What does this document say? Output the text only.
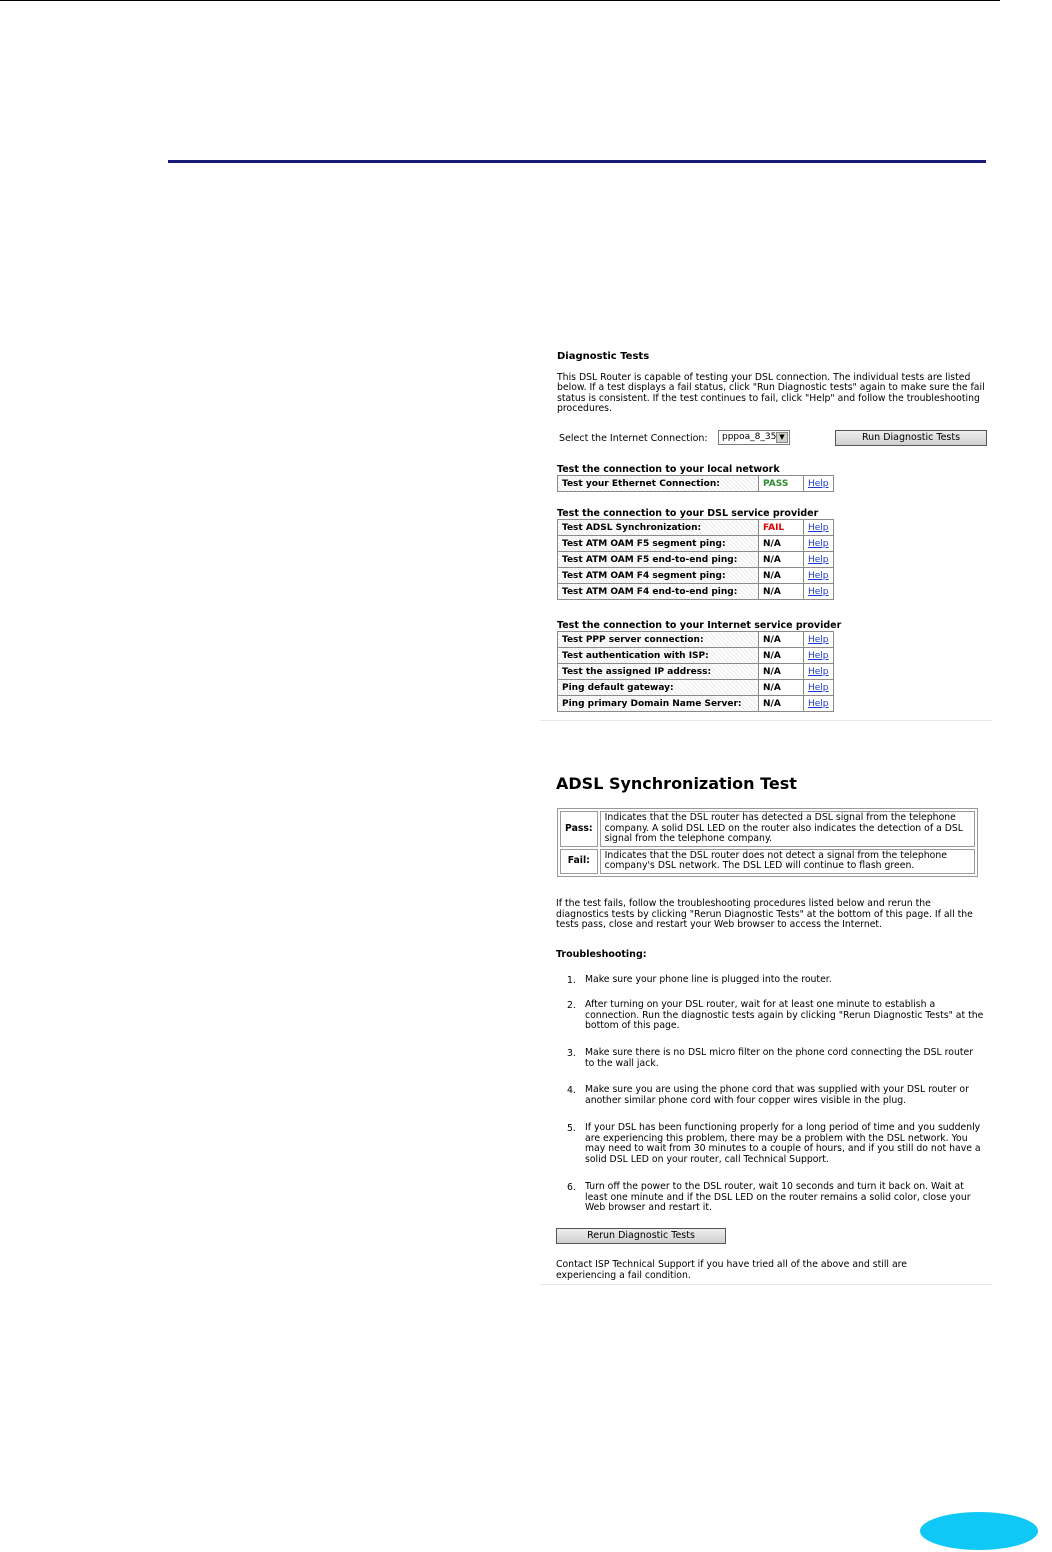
Diagnostic Tests
This DSL Router is capable of testing your DSL connection. The individual tests are listed below. If a test displays a fail status, click "Run Diagnostic tests" again to make sure the fail status is consistent. If the test continues to fail, click "Help" and follow the troubleshooting procedures.
Select the Internet Connection: pppoa_8_35 ▼	Run Diagnostic Tests
Test the connection to your local network
Test your Ethernet Connection:	PASS	Help
Test the connection to your DSL service provider
Test ADSL Synchronization:	FAIL	Help
Test ATM OAM F5 segment ping:	N/A	Help
Test ATM OAM F5 end-to-end ping:	N/A	Help
Test ATM OAM F4 segment ping:	N/A	Help
Test ATM OAM F4 end-to-end ping:	N/A	Help
Test the connection to your Internet service provider
Test PPP server connection:	N/A	Help
Test authentication with ISP:	N/A	Help
Test the assigned IP address:	N/A	Help
Ping default gateway:	N/A	Help
Ping primary Domain Name Server:	N/A	Help
ADSL Synchronization Test
Pass:	Indicates that the DSL router has detected a DSL signal from the telephone company. A solid DSL LED on the router also indicates the detection of a DSL signal from the telephone company.
Fail:	Indicates that the DSL router does not detect a signal from the telephone company's DSL network. The DSL LED will continue to flash green.
If the test fails, follow the troubleshooting procedures listed below and rerun the diagnostics tests by clicking "Rerun Diagnostic Tests" at the bottom of this page. If all the tests pass, close and restart your Web browser to access the Internet.
Troubleshooting:
1. Make sure your phone line is plugged into the router.
2. After turning on your DSL router, wait for at least one minute to establish a connection. Run the diagnostic tests again by clicking "Rerun Diagnostic Tests" at the bottom of this page.
3. Make sure there is no DSL micro filter on the phone cord connecting the DSL router to the wall jack.
4. Make sure you are using the phone cord that was supplied with your DSL router or another similar phone cord with four copper wires visible in the plug.
5. If your DSL has been functioning properly for a long period of time and you suddenly are experiencing this problem, there may be a problem with the DSL network. You may need to wait from 30 minutes to a couple of hours, and if you still do not have a solid DSL LED on your router, call Technical Support.
6. Turn off the power to the DSL router, wait 10 seconds and turn it back on. Wait at least one minute and if the DSL LED on the router remains a solid color, close your Web browser and restart it.
Rerun Diagnostic Tests
Contact ISP Technical Support if you have tried all of the above and still are experiencing a fail condition.
